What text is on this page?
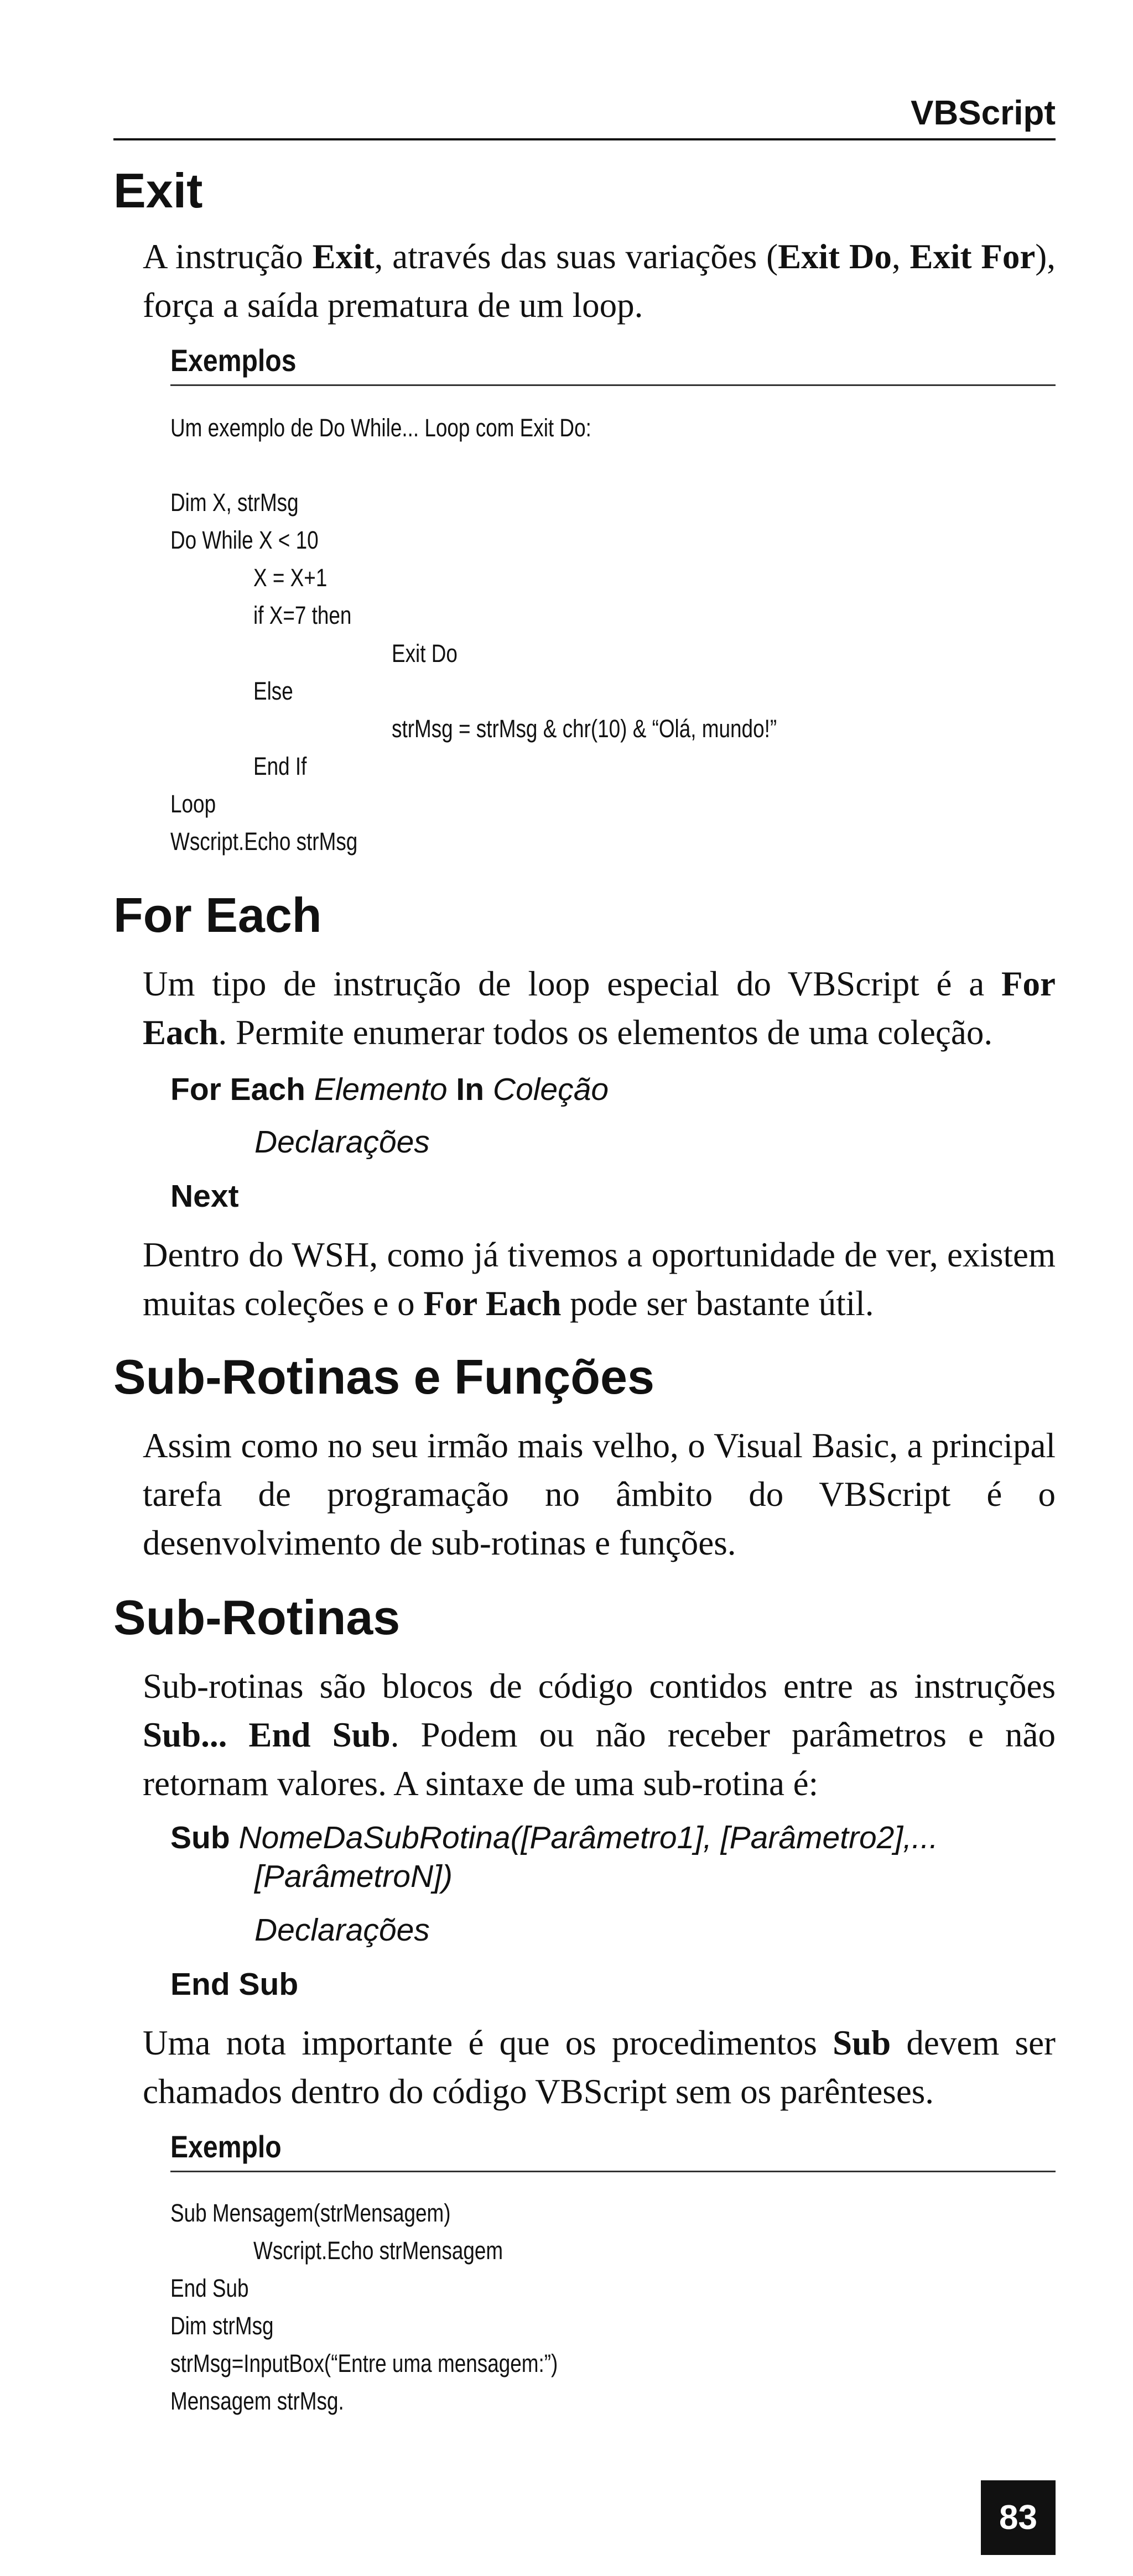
VBScript
Exit
A instrução Exit, através das suas variações (Exit Do, Exit For), força a saída prematura de um loop.
Exemplos
Um exemplo de Do While... Loop com Exit Do:
Dim X, strMsg
Do While X < 10
X = X+1
if X=7 then
Exit Do
Else
strMsg = strMsg & chr(10) & “Olá, mundo!”
End If
Loop
Wscript.Echo strMsg
For Each
Um tipo de instrução de loop especial do VBScript é a For Each. Permite enumerar todos os elementos de uma coleção.
For Each Elemento In Coleção
Declarações
Next
Dentro do WSH, como já tivemos a oportunidade de ver, existem muitas coleções e o For Each pode ser bastante útil.
Sub-Rotinas e Funções
Assim como no seu irmão mais velho, o Visual Basic, a principal tarefa de programação no âmbito do VBScript é o desenvolvimento de sub-rotinas e funções.
Sub-Rotinas
Sub-rotinas são blocos de código contidos entre as instruções Sub... End Sub. Podem ou não receber parâmetros e não retornam valores. A sintaxe de uma sub-rotina é:
Sub NomeDaSubRotina([Parâmetro1], [Parâmetro2],...
[ParâmetroN])
Declarações
End Sub
Uma nota importante é que os procedimentos Sub devem ser chamados dentro do código VBScript sem os parênteses.
Exemplo
Sub Mensagem(strMensagem)
Wscript.Echo strMensagem
End Sub
Dim strMsg
strMsg=InputBox(“Entre uma mensagem:”)
Mensagem strMsg.
83
